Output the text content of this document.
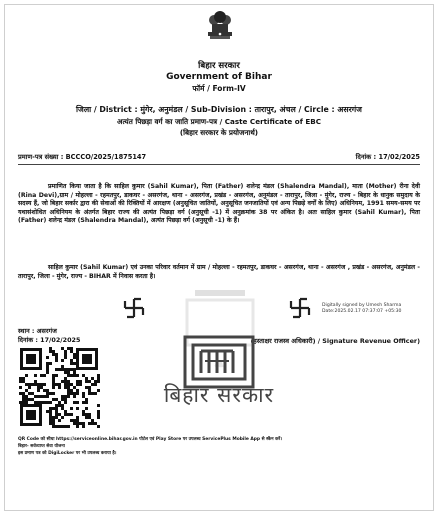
बिहार सरकार
Government of Bihar
फॉर्म / Form-IV
जिला / District : मुंगेर, अनुमंडल / Sub-Division : तारापुर, अंचल / Circle : असरगंज
अत्यंत पिछड़ा वर्ग का जाति प्रमाण-पत्र / Caste Certificate of EBC
(बिहार सरकार के प्रयोजनार्थ)
प्रमाण-पत्र संख्या : BCCCO/2025/1875147	दिनांक : 17/02/2025
❧
प्रमाणित किया जाता है कि साहिल कुमार (Sahil Kumar), पिता (Father) शलेन्द्र मंडल (Shalendra Mandal), माता (Mother) रीना देवी (Rina Devi),ग्राम / मोहल्ला - रहमतपुर, डाकघर - असरगंज, थाना - असरगंज, प्रखंड - असरगंज, अनुमंडल - तारापुर, जिला - मुंगेर, राज्य - बिहार के धानुक समुदाय के सदस्य हैं, जो बिहार सर्कार द्वारा की सेवाओं की रिक्तियों में आरक्षण (अनुसूचित जातियों, अनुसूचित जनजातियों एवं अन्य पिछड़े वर्गों के लिए) अधिनियम, 1991 समय-समय पर यथासंशोधित अधिनियम के अंतर्गत बिहार राज्य की अत्यंत पिछड़ा वर्ग (अनुसूची -1) में अनुक्रमांक 38 पर अंकित है। अतः साहिल कुमार (Sahil Kumar), पिता (Father) शलेन्द्र मंडल (Shalendra Mandal), अत्यंत पिछड़ा वर्ग (अनुसूची -1) के हैं।
साहिल कुमार (Sahil Kumar) एवं उनका परिवार वर्तमान में ग्राम / मोहल्ला - रहमतपुर, डाकघर - असरगंज, थाना - असरगंज , प्रखंड - असरगंज, अनुमंडल - तारापुर, जिला - मुंगेर, राज्य - BIHAR में निवास करता है।
Digitally signed by Umesh Sharma
Date:2025.02.17 07:37:07 +05:30
स्थान : असरगंज
दिनांक : 17/02/2025	(हस्ताक्षर राजस्व अधिकारी) / Signature Revenue Officer)
बिहार सरकार
QR Code को सीधा https://serviceonline.bihar.gov.in पोर्टल एवं Play Store पर उपलब्ध ServicePlus Mobile App से स्कैन करें।
बिहार- सर्वव्याप्त सेवा योजना
इस प्रमाण पत्र को DigiLocker पर भी उपलब्ध कराया है।
